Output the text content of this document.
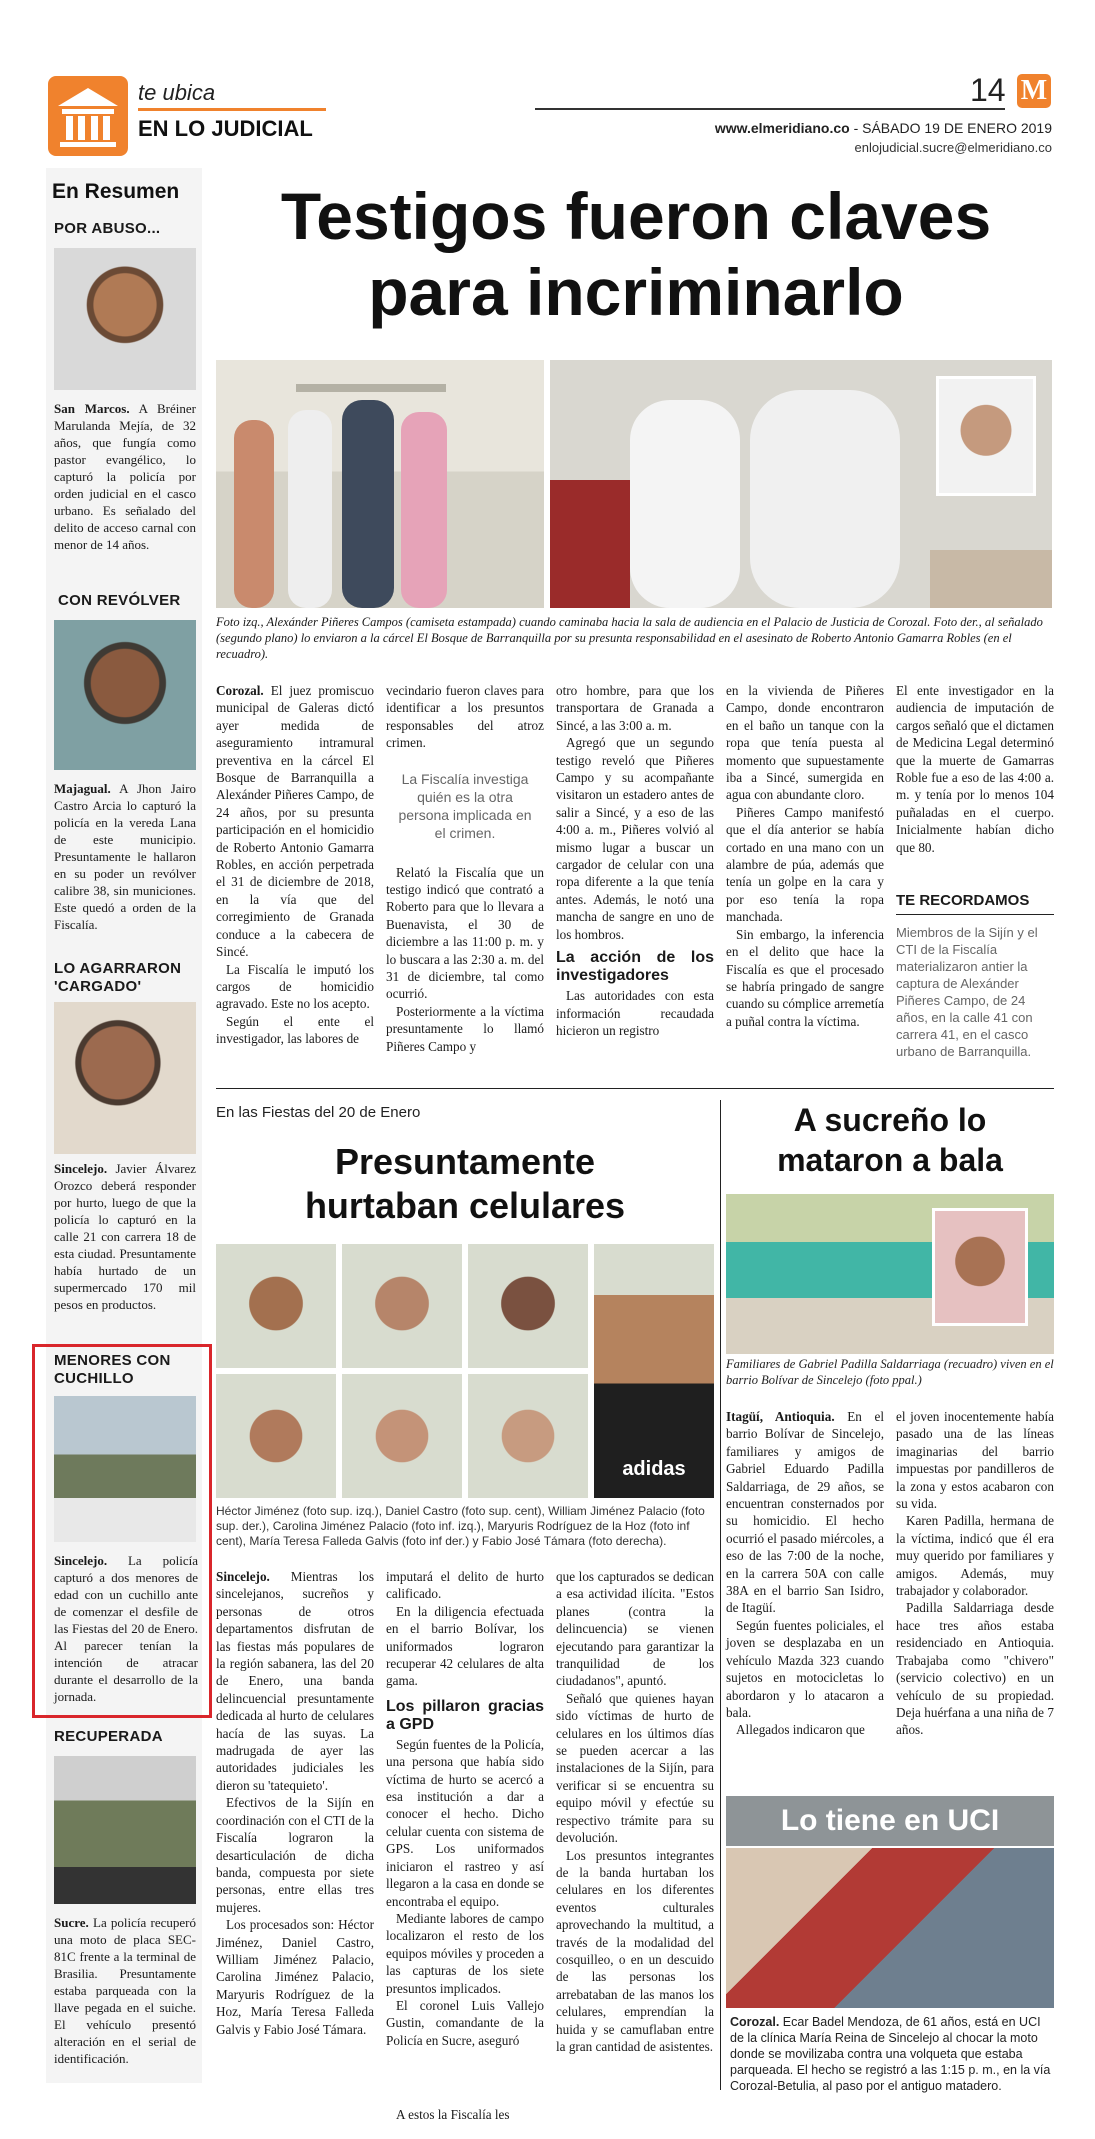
te ubica
EN LO JUDICIAL
14 M
www.elmeridiano.co - SÁBADO 19 DE ENERO 2019
enlojudicial.sucre@elmeridiano.co
En Resumen
POR ABUSO...
San Marcos. A Bréiner Marulanda Mejía, de 32 años, que fungía como pastor evangélico, lo capturó la policía por orden judicial en el casco urbano. Es señalado del delito de acceso carnal con menor de 14 años.
CON REVÓLVER
Majagual. A Jhon Jairo Castro Arcia lo capturó la policía en la vereda Lana de este municipio. Presuntamente le hallaron en su poder un revólver calibre 38, sin municiones. Este quedó a orden de la Fiscalía.
LO AGARRARON 'CARGADO'
Sincelejo. Javier Álvarez Orozco deberá responder por hurto, luego de que la policía lo capturó en la calle 21 con carrera 18 de esta ciudad. Presuntamente había hurtado de un supermercado 170 mil pesos en productos.
MENORES CON CUCHILLO
Sincelejo. La policía capturó a dos menores de edad con un cuchillo ante de comenzar el desfile de las Fiestas del 20 de Enero. Al parecer tenían la intención de atracar durante el desarrollo de la jornada.
RECUPERADA
Sucre. La policía recuperó una moto de placa SEC-81C frente a la terminal de Brasilia. Presuntamente estaba parqueada con la llave pegada en el suiche. El vehículo presentó alteración en el serial de identificación.
Testigos fueron claves
para incriminarlo
Foto izq., Alexánder Piñeres Campos (camiseta estampada) cuando caminaba hacia la sala de audiencia en el Palacio de Justicia de Corozal. Foto der., al señalado (segundo plano) lo enviaron a la cárcel El Bosque de Barranquilla por su presunta responsabilidad en el asesinato de Roberto Antonio Gamarra Robles (en el recuadro).

Corozal. El juez promiscuo municipal de Galeras dictó ayer medida de aseguramiento intramural preventiva en la cárcel El Bosque de Barranquilla a Alexánder Piñeres Campo, de 24 años, por su presunta participación en el homicidio de Roberto Antonio Gamarra Robles, en acción perpetrada el 31 de diciembre de 2018, en la vía que del corregimiento de Granada conduce a la cabecera de Sincé.

La Fiscalía le imputó los cargos de homicidio agravado. Este no los acepto.

Según el ente el investigador, las labores de

vecindario fueron claves para identificar a los presuntos responsables del atroz crimen.

La Fiscalía investiga quién es la otra persona implicada en el crimen.

Relató la Fiscalía que un testigo indicó que contrató a Roberto para que lo llevara a Buenavista, el 30 de diciembre a las 11:00 p. m. y lo buscara a las 2:30 a. m. del 31 de diciembre, tal como ocurrió.

Posteriormente a la víctima presuntamente lo llamó Piñeres Campo y

otro hombre, para que los transportara de Granada a Sincé, a las 3:00 a. m.

Agregó que un segundo testigo reveló que Piñeres Campo y su acompañante visitaron un estadero antes de salir a Sincé, y a eso de las 4:00 a. m., Piñeres volvió al mismo lugar a buscar un cargador de celular con una ropa diferente a la que tenía antes. Además, le notó una mancha de sangre en uno de los hombros.

La acción de los investigadores

Las autoridades con esta información recaudada hicieron un registro

en la vivienda de Piñeres Campo, donde encontraron en el baño un tanque con la ropa que tenía puesta al momento que supuestamente iba a Sincé, sumergida en agua con abundante cloro.

Piñeres Campo manifestó que el día anterior se había cortado en una mano con un alambre de púa, además que tenía un golpe en la cara y por eso tenía la ropa manchada.

Sin embargo, la inferencia en el delito que hace la Fiscalía es que el procesado se habría pringado de sangre cuando su cómplice arremetía a puñal contra la víctima.

El ente investigador en la audiencia de imputación de cargos señaló que el dictamen de Medicina Legal determinó que la muerte de Gamarras Roble fue a eso de las 4:00 a. m. y tenía por lo menos 104 puñaladas en el cuerpo. Inicialmente habían dicho que 80.

TE RECORDAMOS
Miembros de la Sijín y el CTI de la Fiscalía materializaron antier la captura de Alexánder Piñeres Campo, de 24 años, en la calle 41 con carrera 41, en el casco urbano de Barranquilla.
En las Fiestas del 20 de Enero
Presuntamente
hurtaban celulares
adidas
Héctor Jiménez (foto sup. izq.), Daniel Castro (foto sup. cent), William Jiménez Palacio (foto sup. der.), Carolina Jiménez Palacio (foto inf. izq.), Maryuris Rodríguez de la Hoz (foto inf cent), María Teresa Falleda Galvis (foto inf der.) y Fabio José Támara (foto derecha).

Sincelejo. Mientras los sincelejanos, sucreños y personas de otros departamentos disfrutan de las fiestas más populares de la región sabanera, las del 20 de Enero, una banda delincuencial presuntamente dedicada al hurto de celulares hacía de las suyas. La madrugada de ayer las autoridades judiciales les dieron su 'tatequieto'.

Efectivos de la Sijín en coordinación con el CTI de la Fiscalía lograron la desarticulación de dicha banda, compuesta por siete personas, entre ellas tres mujeres.

Los procesados son: Héctor Jiménez, Daniel Castro, William Jiménez Palacio, Carolina Jiménez Palacio, Maryuris Rodríguez de la Hoz, María Teresa Falleda Galvis y Fabio José Támara.

imputará el delito de hurto calificado.

En la diligencia efectuada en el barrio Bolívar, los uniformados lograron recuperar 42 celulares de alta gama.

Los pillaron gracias a GPD

Según fuentes de la Policía, una persona que había sido víctima de hurto se acercó a esa institución a dar a conocer el hecho. Dicho celular cuenta con sistema de GPS. Los uniformados iniciaron el rastreo y así llegaron a la casa en donde se encontraba el equipo.

Mediante labores de campo localizaron el resto de los equipos móviles y proceden a las capturas de los siete presuntos implicados.

El coronel Luis Vallejo Gustin, comandante de la Policía en Sucre, aseguró

que los capturados se dedican a esa actividad ilícita. "Estos planes (contra la delincuencia) se vienen ejecutando para garantizar la tranquilidad de los ciudadanos", apuntó.

Señaló que quienes hayan sido víctimas de hurto de celulares en los últimos días se pueden acercar a las instalaciones de la Sijín, para verificar si se encuentra su equipo móvil y efectúe su respectivo trámite para su devolución.

Los presuntos integrantes de la banda hurtaban los celulares en los diferentes eventos culturales aprovechando la multitud, a través de la modalidad del cosquilleo, o en un descuido de las personas los arrebataban de las manos los celulares, emprendían la huida y se camuflaban entre la gran cantidad de asistentes.

A estos la Fiscalía les
A sucreño lo
mataron a bala
Familiares de Gabriel Padilla Saldarriaga (recuadro) viven en el barrio Bolívar de Sincelejo (foto ppal.)

Itagüí, Antioquia. En el barrio Bolívar de Sincelejo, familiares y amigos de Gabriel Eduardo Padilla Saldarriaga, de 29 años, se encuentran consternados por su homicidio. El hecho ocurrió el pasado miércoles, a eso de las 7:00 de la noche, en la carrera 50A con calle 38A en el barrio San Isidro, de Itagüí.

Según fuentes policiales, el joven se desplazaba en un vehículo Mazda 323 cuando sujetos en motocicletas lo abordaron y lo atacaron a bala.

Allegados indicaron que

el joven inocentemente había pasado una de las líneas imaginarias del barrio impuestas por pandilleros de la zona y estos acabaron con su vida.

Karen Padilla, hermana de la víctima, indicó que él era muy querido por familiares y amigos. Además, muy trabajador y colaborador.

Padilla Saldarriaga desde hace tres años estaba residenciado en Antioquia. Trabajaba como "chivero" (servicio colectivo) en un vehículo de su propiedad. Deja huérfana a una niña de 7 años.

Lo tiene en UCI
Corozal. Ecar Badel Mendoza, de 61 años, está en UCI de la clínica María Reina de Sincelejo al chocar la moto donde se movilizaba contra una volqueta que estaba parqueada. El hecho se registró a las 1:15 p. m., en la vía Corozal-Betulia, al paso por el antiguo matadero.
